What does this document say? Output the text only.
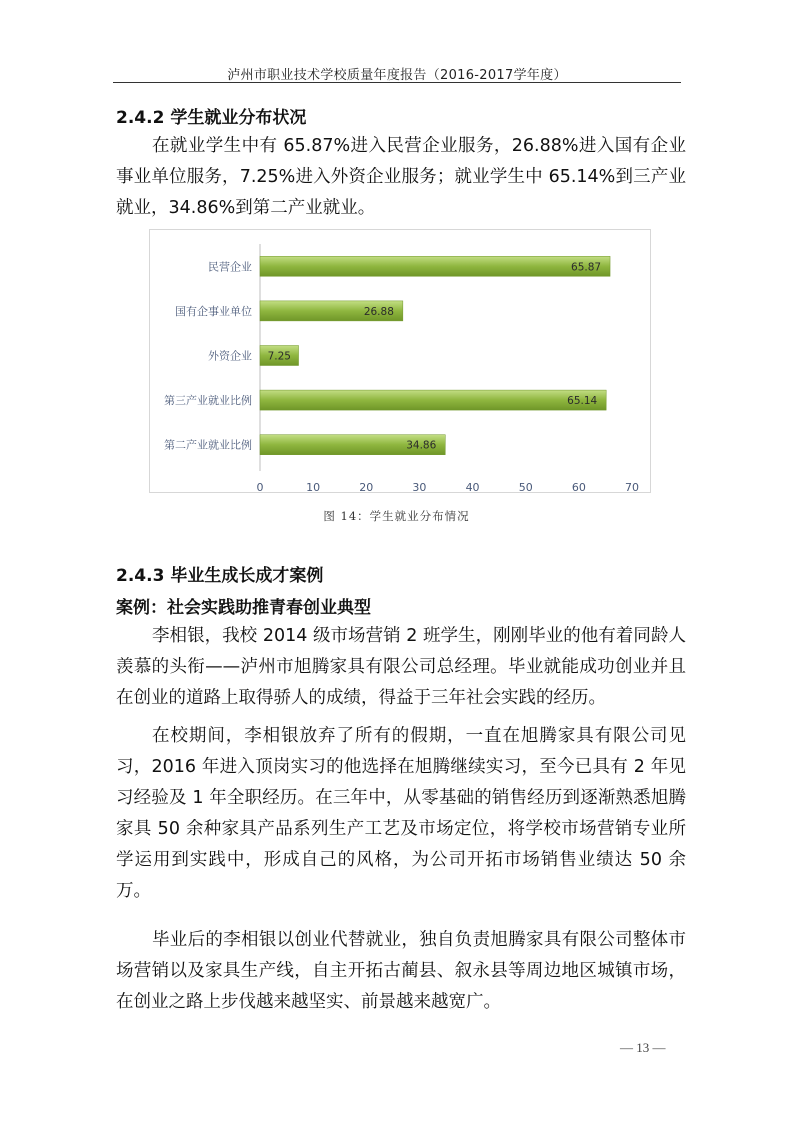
泸州市职业技术学校质量年度报告（2016-2017学年度）
2.4.2 学生就业分布状况
在就业学生中有 65.87%进入民营企业服务，26.88%进入国有企业事业单位服务，7.25%进入外资企业服务；就业学生中 65.14%到三产业就业，34.86%到第二产业就业。
民营企业	65.87
国有企事业单位	26.88
外资企业 7.25
第三产业就业比例	65.14
第二产业就业比例	34.86
0	10	20	30	40	50	60	70
图 14：学生就业分布情况
2.4.3 毕业生成长成才案例
案例：社会实践助推青春创业典型
李相银，我校 2014 级市场营销 2 班学生，刚刚毕业的他有着同龄人羡慕的头衔——泸州市旭腾家具有限公司总经理。毕业就能成功创业并且在创业的道路上取得骄人的成绩，得益于三年社会实践的经历。
在校期间，李相银放弃了所有的假期，一直在旭腾家具有限公司见习，2016 年进入顶岗实习的他选择在旭腾继续实习，至今已具有 2 年见习经验及 1 年全职经历。在三年中，从零基础的销售经历到逐渐熟悉旭腾家具 50 余种家具产品系列生产工艺及市场定位，将学校市场营销专业所学运用到实践中，形成自己的风格，为公司开拓市场销售业绩达 50 余万。
毕业后的李相银以创业代替就业，独自负责旭腾家具有限公司整体市场营销以及家具生产线，自主开拓古蔺县、叙永县等周边地区城镇市场，在创业之路上步伐越来越坚实、前景越来越宽广。
— 13 —
